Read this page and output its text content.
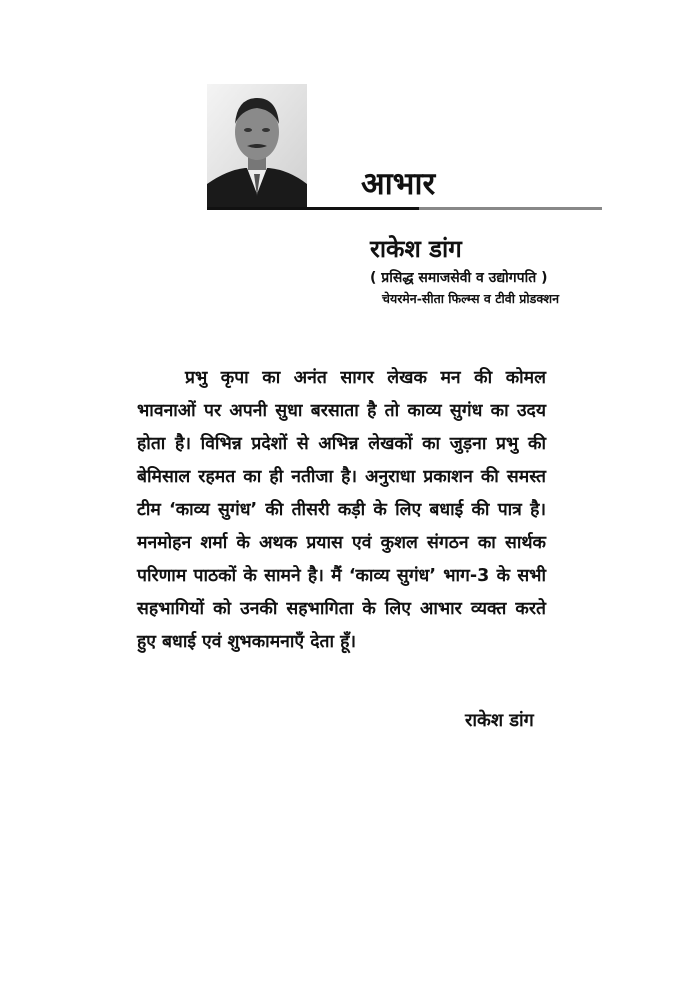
आभार
राकेश डांग
( प्रसिद्ध समाजसेवी व उद्योगपति )
चेयरमेन-सीता फिल्म्स व टीवी प्रोडक्शन

प्रभु कृपा का अनंत सागर लेखक मन की कोमल भावनाओं पर अपनी सुधा बरसाता है तो काव्य सुगंध का उदय होता है। विभिन्न प्रदेशों से अभिन्न लेखकों का जुड़ना प्रभु की बेमिसाल रहमत का ही नतीजा है। अनुराधा प्रकाशन की समस्त टीम ‘काव्य सुगंध’ की तीसरी कड़ी के लिए बधाई की पात्र है। मनमोहन शर्मा के अथक प्रयास एवं कुशल संगठन का सार्थक परिणाम पाठकों के सामने है। मैं ‘काव्य सुगंध’ भाग-3 के सभी सहभागियों को उनकी सहभागिता के लिए आभार व्यक्त करते हुए बधाई एवं शुभकामनाएँ देता हूँ।

राकेश डांग
